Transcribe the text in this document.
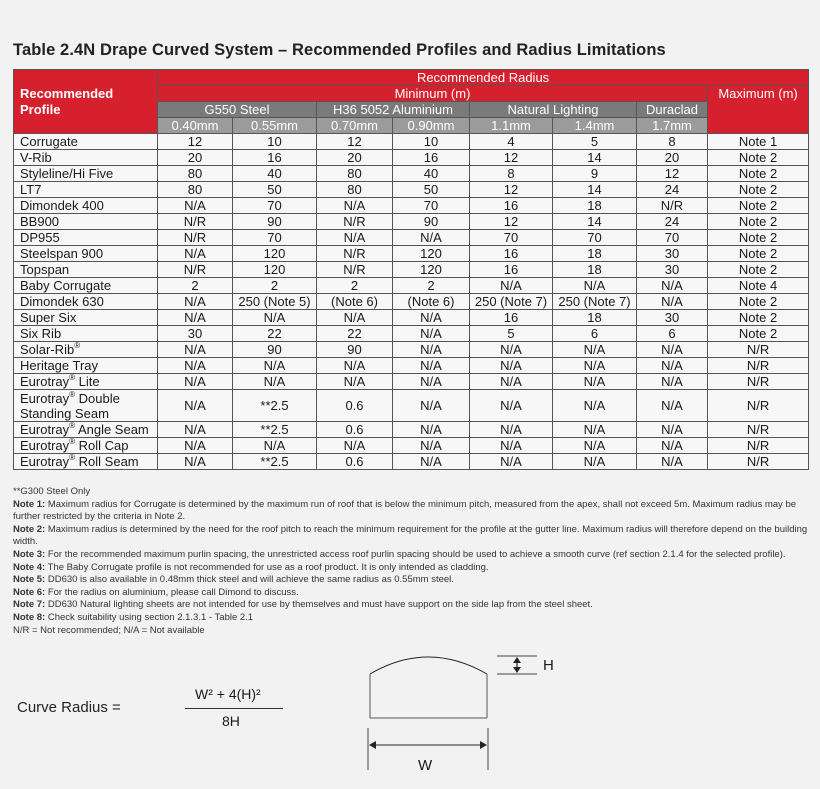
Table 2.4N Drape Curved System – Recommended Profiles and Radius Limitations
Recommended Profile	Recommended Radius							
	Minimum (m)							Maximum (m)
	G550 Steel		H36 5052 Aluminium		Natural Lighting		Duraclad	
	0.40mm	0.55mm	0.70mm	0.90mm	1.1mm	1.4mm	1.7mm	
Corrugate	12	10	12	10	4	5	8	Note 1
V-Rib	20	16	20	16	12	14	20	Note 2
Styleline/Hi Five	80	40	80	40	8	9	12	Note 2
LT7	80	50	80	50	12	14	24	Note 2
Dimondek 400	N/A	70	N/A	70	16	18	N/R	Note 2
BB900	N/R	90	N/R	90	12	14	24	Note 2
DP955	N/R	70	N/A	N/A	70	70	70	Note 2
Steelspan 900	N/A	120	N/R	120	16	18	30	Note 2
Topspan	N/R	120	N/R	120	16	18	30	Note 2
Baby Corrugate	2	2	2	2	N/A	N/A	N/A	Note 4
Dimondek 630	N/A	250 (Note 5)	(Note 6)	(Note 6)	250 (Note 7)	250 (Note 7)	N/A	Note 2
Super Six	N/A	N/A	N/A	N/A	16	18	30	Note 2
Six Rib	30	22	22	N/A	5	6	6	Note 2
Solar-Rib®	N/A	90	90	N/A	N/A	N/A	N/A	N/R
Heritage Tray	N/A	N/A	N/A	N/A	N/A	N/A	N/A	N/R
Eurotray® Lite	N/A	N/A	N/A	N/A	N/A	N/A	N/A	N/R
Eurotray® Double Standing Seam	N/A	**2.5	0.6	N/A	N/A	N/A	N/A	N/R
Eurotray® Angle Seam	N/A	**2.5	0.6	N/A	N/A	N/A	N/A	N/R
Eurotray® Roll Cap	N/A	N/A	N/A	N/A	N/A	N/A	N/A	N/R
Eurotray® Roll Seam	N/A	**2.5	0.6	N/A	N/A	N/A	N/A	N/R

**G300 Steel Only

Note 1: Maximum radius for Corrugate is determined by the maximum run of roof that is below the minimum pitch, measured from the apex, shall not exceed 5m. Maximum radius may be further restricted by the criteria in Note 2.

Note 2: Maximum radius is determined by the need for the roof pitch to reach the minimum requirement for the profile at the gutter line. Maximum radius will therefore depend on the building width.

Note 3: For the recommended maximum purlin spacing, the unrestricted access roof purlin spacing should be used to achieve a smooth curve (ref section 2.1.4 for the selected profile).

Note 4: The Baby Corrugate profile is not recommended for use as a roof product. It is only intended as cladding.

Note 5: DD630 is also available in 0.48mm thick steel and will achieve the same radius as 0.55mm steel.

Note 6: For the radius on aluminium, please call Dimond to discuss.

Note 7: DD630 Natural lighting sheets are not intended for use by themselves and must have support on the side lap from the steel sheet.

Note 8: Check suitability using section 2.1.3.1 - Table 2.1

N/R = Not recommended; N/A = Not available

Curve Radius =
W² + 4(H)²
8H
H
W
